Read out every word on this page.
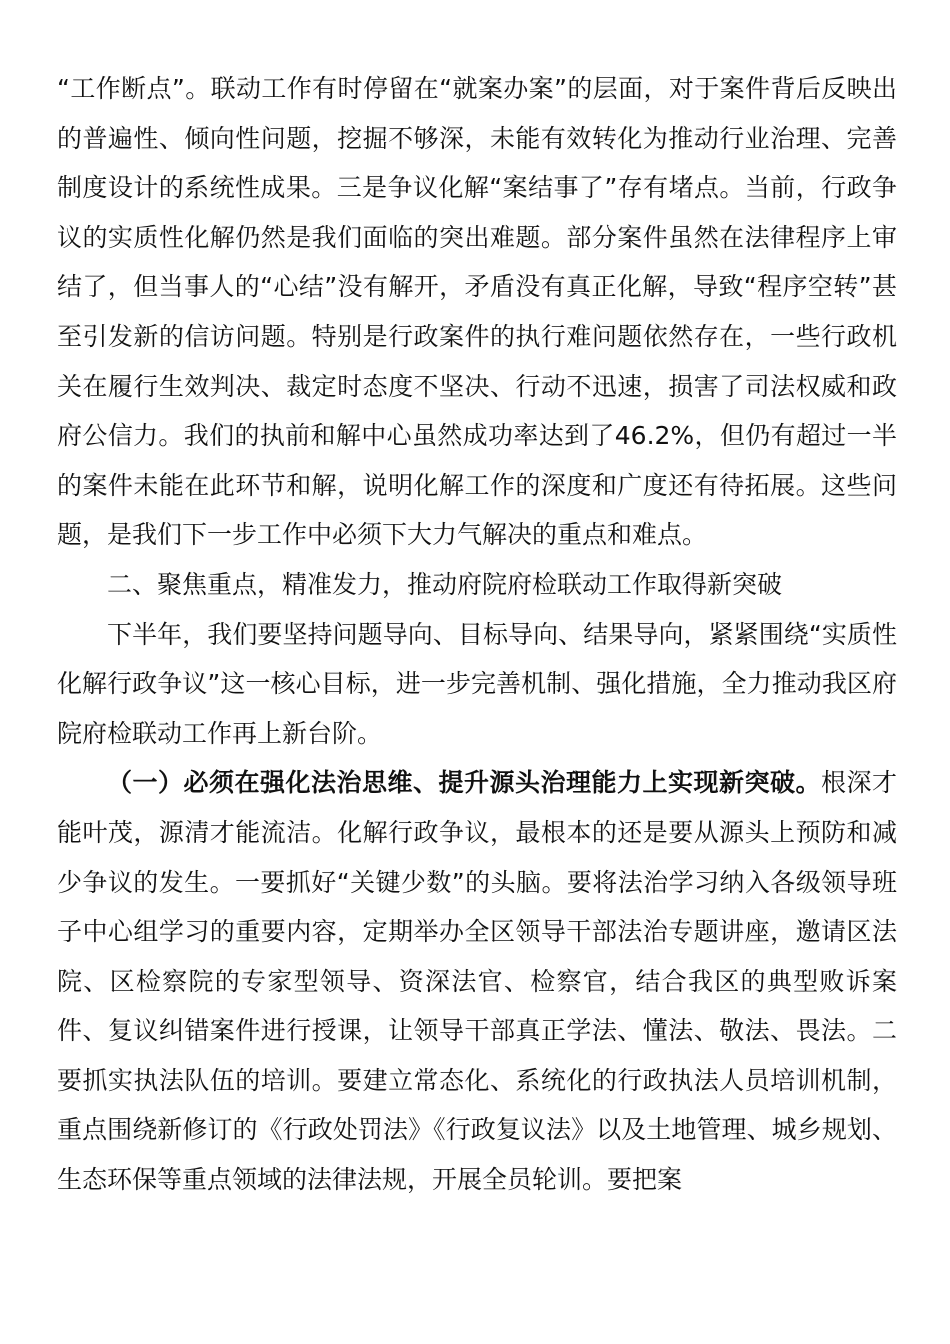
“工作断点”。联动工作有时停留在“就案办案”的层面，对于案件背后反映出的普遍性、倾向性问题，挖掘不够深，未能有效转化为推动行业治理、完善制度设计的系统性成果。三是争议化解“案结事了”存有堵点。当前，行政争议的实质性化解仍然是我们面临的突出难题。部分案件虽然在法律程序上审结了，但当事人的“心结”没有解开，矛盾没有真正化解，导致“程序空转”甚至引发新的信访问题。特别是行政案件的执行难问题依然存在，一些行政机关在履行生效判决、裁定时态度不坚决、行动不迅速，损害了司法权威和政府公信力。我们的执前和解中心虽然成功率达到了46.2%，但仍有超过一半的案件未能在此环节和解，说明化解工作的深度和广度还有待拓展。这些问题，是我们下一步工作中必须下大力气解决的重点和难点。

二、聚焦重点，精准发力，推动府院府检联动工作取得新突破

下半年，我们要坚持问题导向、目标导向、结果导向，紧紧围绕“实质性化解行政争议”这一核心目标，进一步完善机制、强化措施，全力推动我区府院府检联动工作再上新台阶。

（一）必须在强化法治思维、提升源头治理能力上实现新突破。根深才能叶茂，源清才能流洁。化解行政争议，最根本的还是要从源头上预防和减少争议的发生。一要抓好“关键少数”的头脑。要将法治学习纳入各级领导班子中心组学习的重要内容，定期举办全区领导干部法治专题讲座，邀请区法院、区检察院的专家型领导、资深法官、检察官，结合我区的典型败诉案件、复议纠错案件进行授课，让领导干部真正学法、懂法、敬法、畏法。二要抓实执法队伍的培训。要建立常态化、系统化的行政执法人员培训机制，重点围绕新修订的《行政处罚法》《行政复议法》以及土地管理、城乡规划、生态环保等重点领域的法律法规，开展全员轮训。要把案
